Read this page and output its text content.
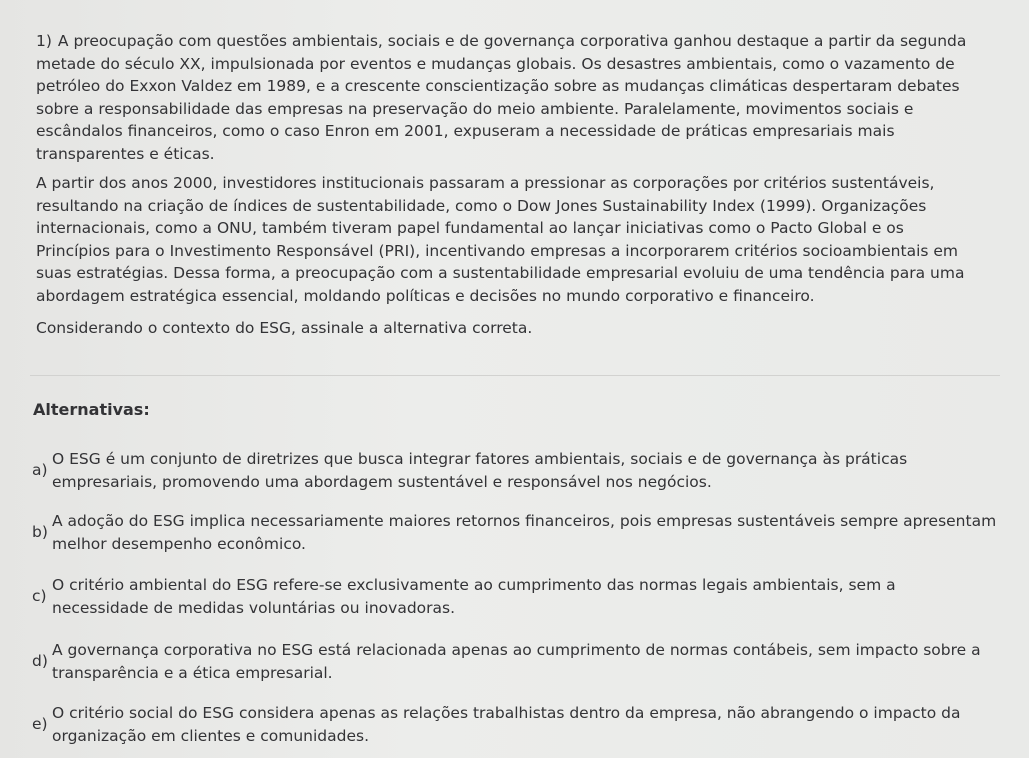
1) A preocupação com questões ambientais, sociais e de governança corporativa ganhou destaque a partir da segunda metade do século XX, impulsionada por eventos e mudanças globais. Os desastres ambientais, como o vazamento de petróleo do Exxon Valdez em 1989, e a crescente conscientização sobre as mudanças climáticas despertaram debates sobre a responsabilidade das empresas na preservação do meio ambiente. Paralelamente, movimentos sociais e escândalos financeiros, como o caso Enron em 2001, expuseram a necessidade de práticas empresariais mais transparentes e éticas.

A partir dos anos 2000, investidores institucionais passaram a pressionar as corporações por critérios sustentáveis, resultando na criação de índices de sustentabilidade, como o Dow Jones Sustainability Index (1999). Organizações internacionais, como a ONU, também tiveram papel fundamental ao lançar iniciativas como o Pacto Global e os Princípios para o Investimento Responsável (PRI), incentivando empresas a incorporarem critérios socioambientais em suas estratégias. Dessa forma, a preocupação com a sustentabilidade empresarial evoluiu de uma tendência para uma abordagem estratégica essencial, moldando políticas e decisões no mundo corporativo e financeiro.

Considerando o contexto do ESG, assinale a alternativa correta.

Alternativas:
a)
O ESG é um conjunto de diretrizes que busca integrar fatores ambientais, sociais e de governança às práticas empresariais, promovendo uma abordagem sustentável e responsável nos negócios.
b)
A adoção do ESG implica necessariamente maiores retornos financeiros, pois empresas sustentáveis sempre apresentam melhor desempenho econômico.
c)
O critério ambiental do ESG refere-se exclusivamente ao cumprimento das normas legais ambientais, sem a necessidade de medidas voluntárias ou inovadoras.
d)
A governança corporativa no ESG está relacionada apenas ao cumprimento de normas contábeis, sem impacto sobre a transparência e a ética empresarial.
e)
O critério social do ESG considera apenas as relações trabalhistas dentro da empresa, não abrangendo o impacto da organização em clientes e comunidades.
